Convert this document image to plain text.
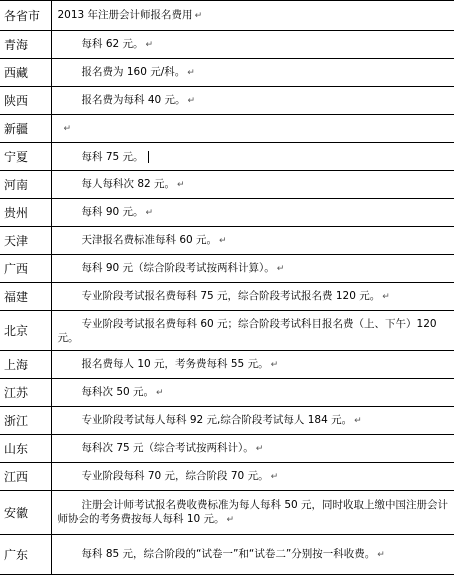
各省市	2013 年注册会计师报名费用 ↵
青海	每科 62 元。 ↵
西藏	报名费为 160 元/科。 ↵
陕西	报名费为每科 40 元。 ↵
新疆	↵
宁夏	每科 75 元。
河南	每人每科次 82 元。 ↵
贵州	每科 90 元。 ↵
天津	天津报名费标准每科 60 元。 ↵
广西	每科 90 元（综合阶段考试按两科计算）。 ↵
福建	专业阶段考试报名费每科 75 元，综合阶段考试报名费 120 元。 ↵
北京	专业阶段考试报名费每科 60 元；综合阶段考试科目报名费（上、下午）120 元。
上海	报名费每人 10 元，考务费每科 55 元。 ↵
江苏	每科次 50 元。 ↵
浙江	专业阶段考试每人每科 92 元,综合阶段考试每人 184 元。 ↵
山东	每科次 75 元（综合考试按两科计）。 ↵
江西	专业阶段每科 70 元，综合阶段 70 元。 ↵
安徽	注册会计师考试报名费收费标准为每人每科 50 元，同时收取上缴中国注册会计师协会的考务费按每人每科 10 元。 ↵
广东	每科 85 元，综合阶段的“试卷一”和“试卷二”分别按一科收费。 ↵
